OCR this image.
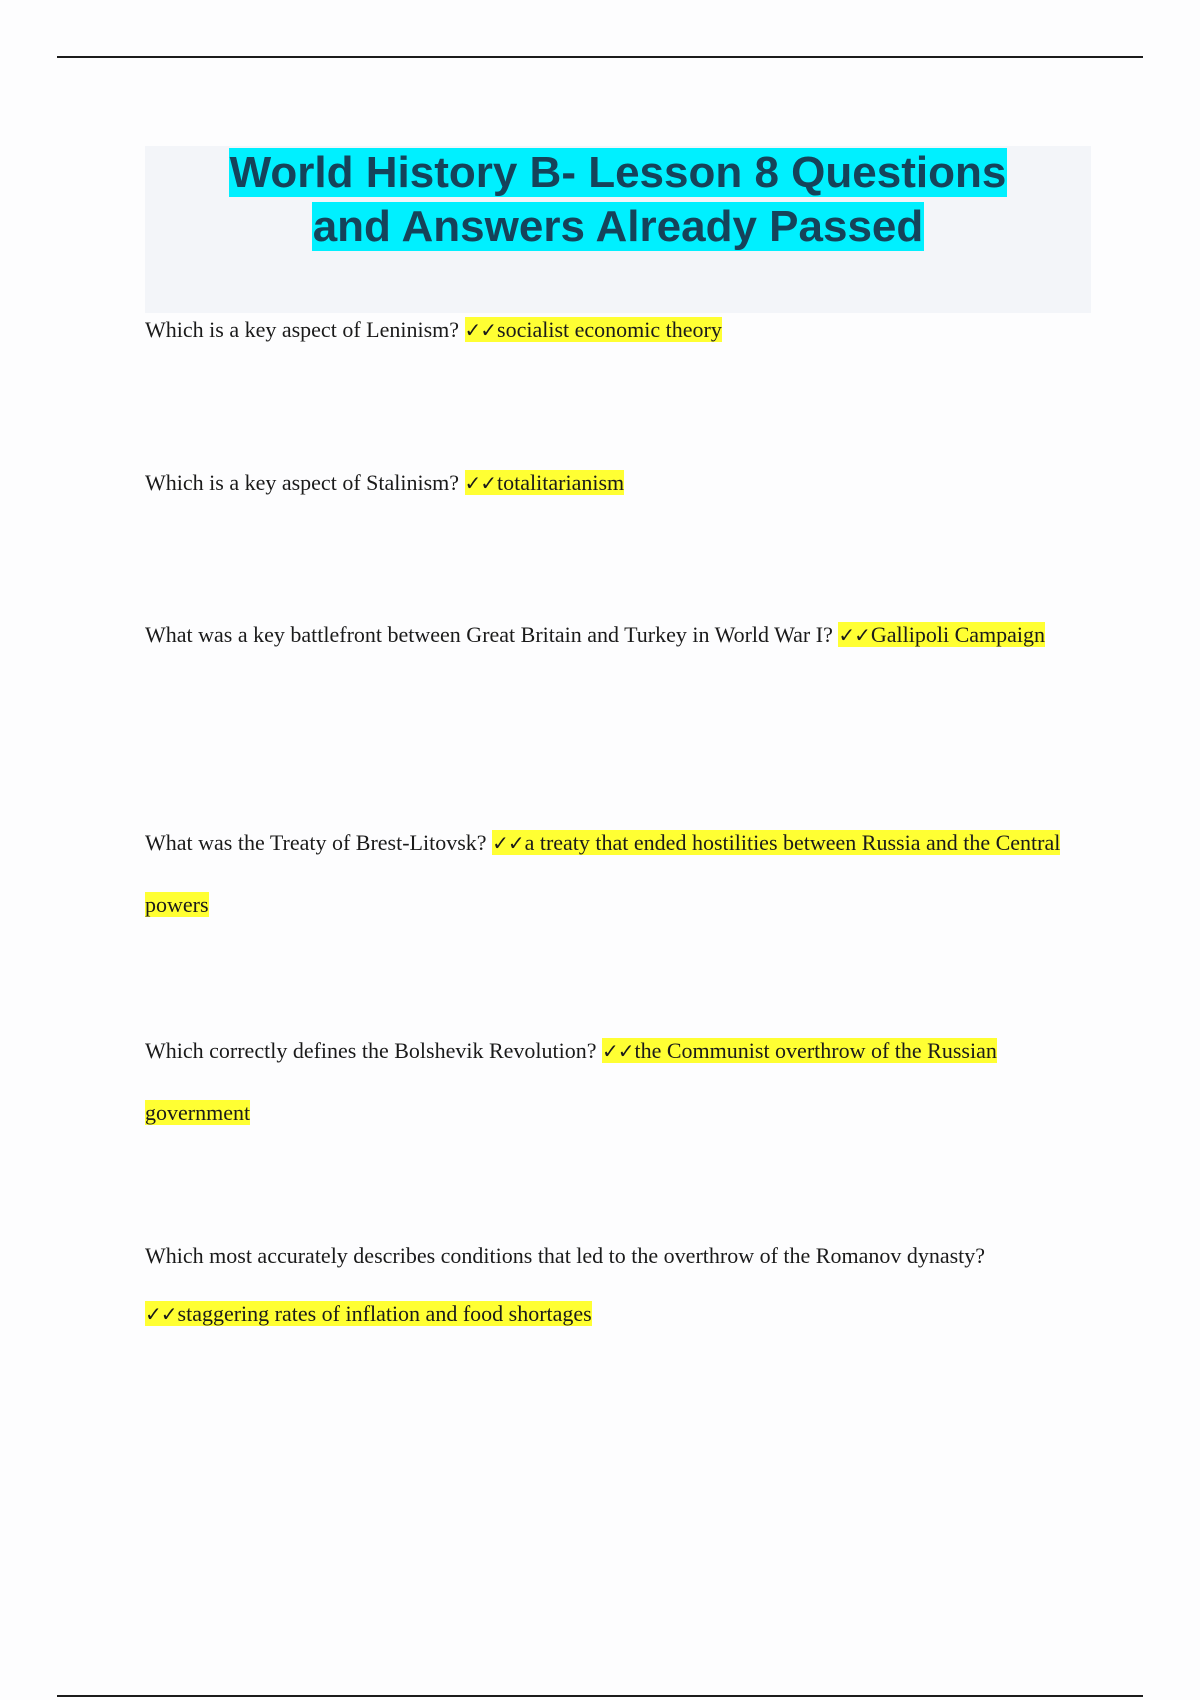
World History B- Lesson 8 Questions
and Answers Already Passed
Which is a key aspect of Leninism? ✓✓socialist economic theory
Which is a key aspect of Stalinism? ✓✓totalitarianism
What was a key battlefront between Great Britain and Turkey in World War I? ✓✓Gallipoli Campaign
What was the Treaty of Brest-Litovsk? ✓✓a treaty that ended hostilities between Russia and the Central powers
Which correctly defines the Bolshevik Revolution? ✓✓the Communist overthrow of the Russian government
Which most accurately describes conditions that led to the overthrow of the Romanov dynasty? ✓✓staggering rates of inflation and food shortages
